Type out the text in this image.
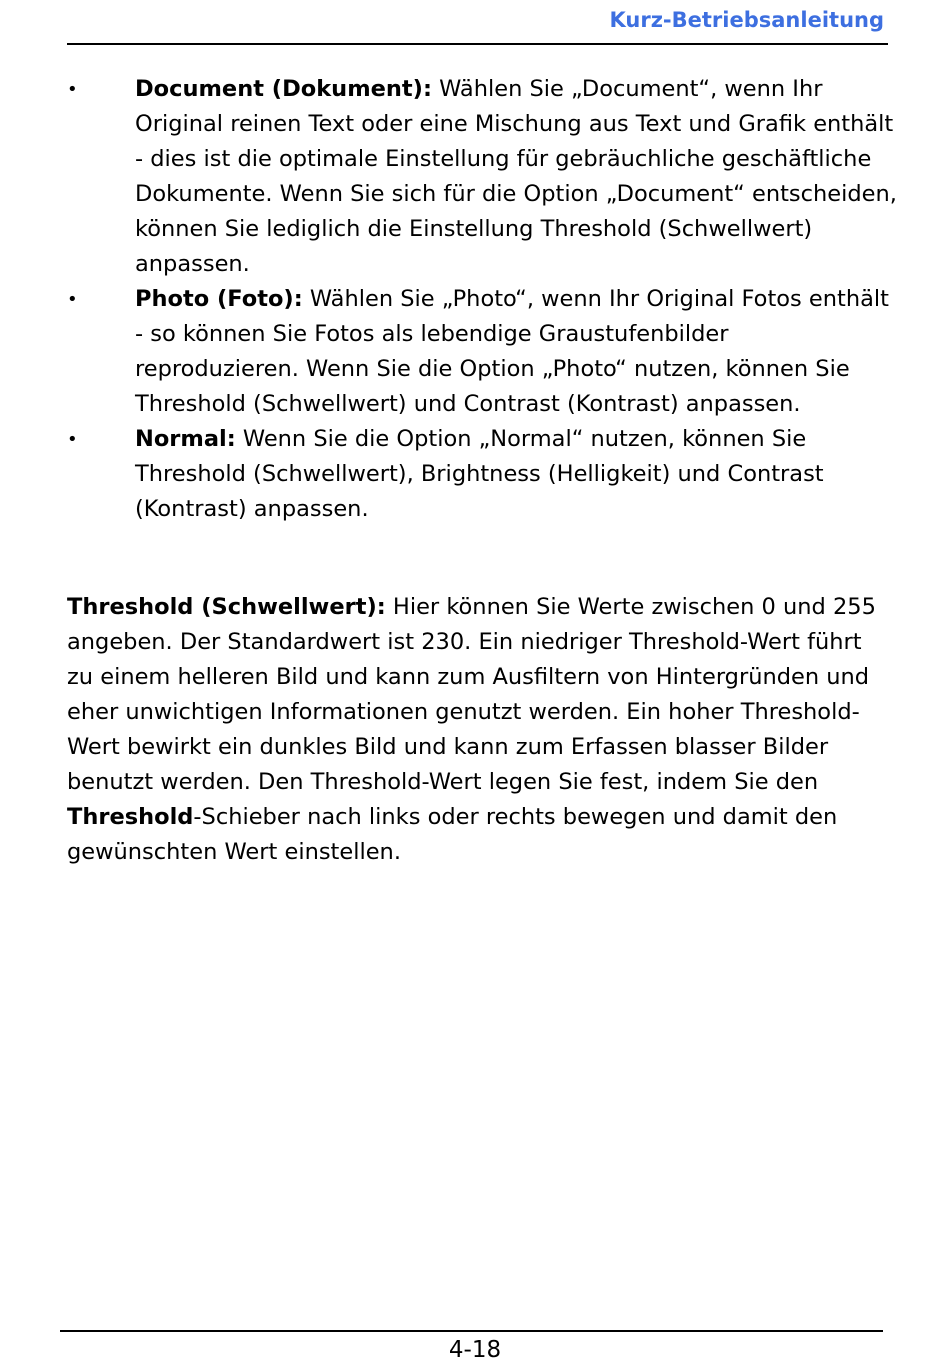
Kurz-Betriebsanleitung
•	Document (Dokument): Wählen Sie „Document“, wenn Ihr Original reinen Text oder eine Mischung aus Text und Grafik enthält - dies ist die optimale Einstellung für gebräuchliche geschäftliche Dokumente. Wenn Sie sich für die Option „Document“ entscheiden, können Sie lediglich die Einstellung Threshold (Schwellwert) anpassen.
•	Photo (Foto): Wählen Sie „Photo“, wenn Ihr Original Fotos enthält - so können Sie Fotos als lebendige Graustufenbilder reproduzieren. Wenn Sie die Option „Photo“ nutzen, können Sie Threshold (Schwellwert) und Contrast (Kontrast) anpassen.
•	Normal: Wenn Sie die Option „Normal“ nutzen, können Sie Threshold (Schwellwert), Brightness (Helligkeit) und Contrast (Kontrast) anpassen.

Threshold (Schwellwert): Hier können Sie Werte zwischen 0 und 255 angeben. Der Standardwert ist 230. Ein niedriger Threshold-Wert führt zu einem helleren Bild und kann zum Ausfiltern von Hintergründen und eher unwichtigen Informationen genutzt werden. Ein hoher Threshold-Wert bewirkt ein dunkles Bild und kann zum Erfassen blasser Bilder benutzt werden. Den Threshold-Wert legen Sie fest, indem Sie den Threshold-Schieber nach links oder rechts bewegen und damit den gewünschten Wert einstellen.

4-18
